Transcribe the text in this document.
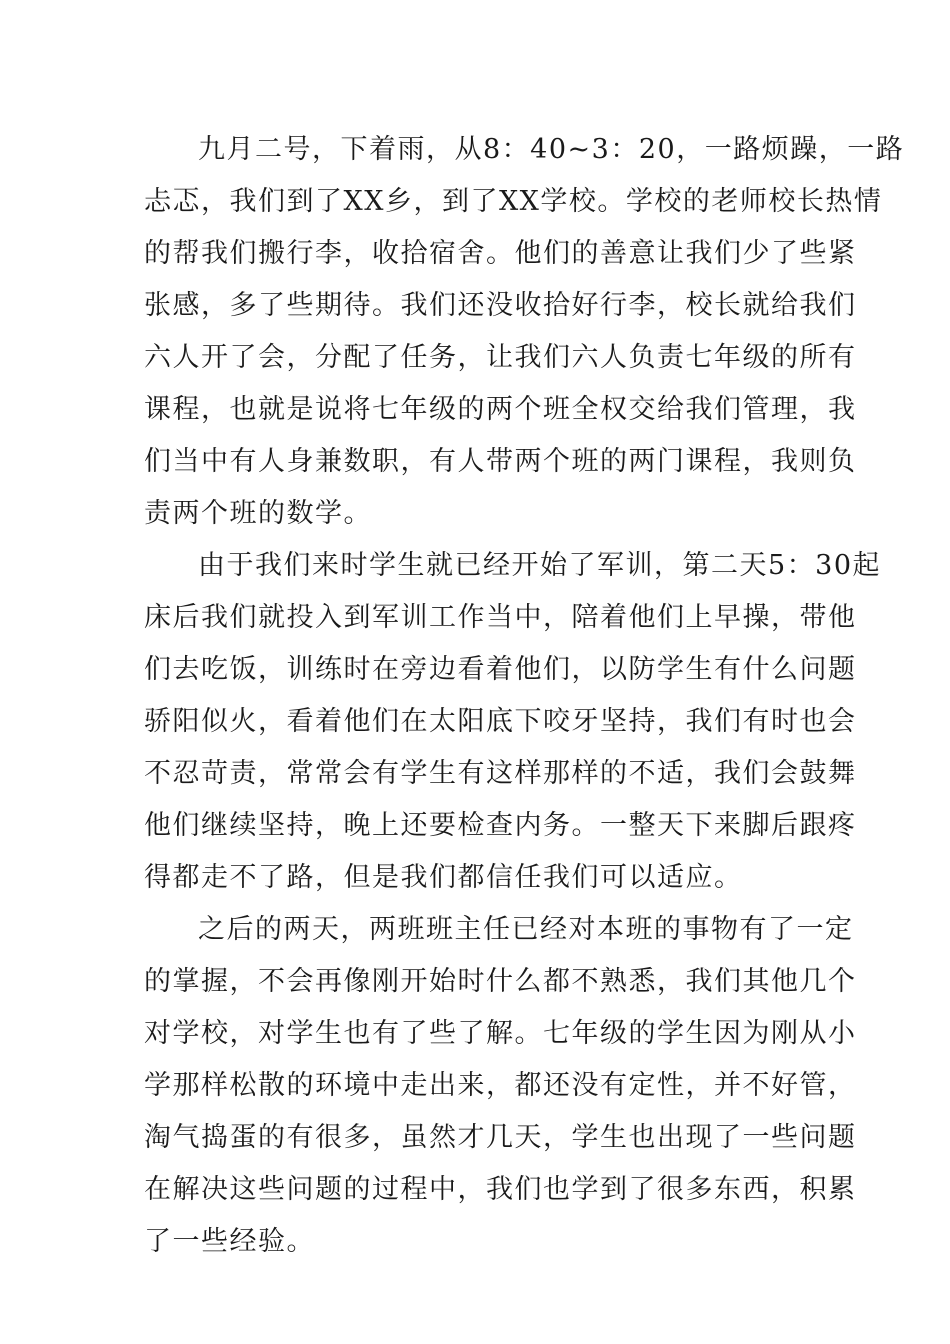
九月二号，下着雨，从8：40~3：20，一路烦躁，一路
忐忑，我们到了XX乡，到了XX学校。学校的老师校长热情
的帮我们搬行李，收拾宿舍。他们的善意让我们少了些紧
张感，多了些期待。我们还没收拾好行李，校长就给我们
六人开了会，分配了任务，让我们六人负责七年级的所有
课程，也就是说将七年级的两个班全权交给我们管理，我
们当中有人身兼数职，有人带两个班的两门课程，我则负
责两个班的数学。
由于我们来时学生就已经开始了军训，第二天5：30起
床后我们就投入到军训工作当中，陪着他们上早操，带他
们去吃饭，训练时在旁边看着他们，以防学生有什么问题
骄阳似火，看着他们在太阳底下咬牙坚持，我们有时也会
不忍苛责，常常会有学生有这样那样的不适，我们会鼓舞
他们继续坚持，晚上还要检查内务。一整天下来脚后跟疼
得都走不了路，但是我们都信任我们可以适应。
之后的两天，两班班主任已经对本班的事物有了一定
的掌握，不会再像刚开始时什么都不熟悉，我们其他几个
对学校，对学生也有了些了解。七年级的学生因为刚从小
学那样松散的环境中走出来，都还没有定性，并不好管，
淘气捣蛋的有很多，虽然才几天，学生也出现了一些问题
在解决这些问题的过程中，我们也学到了很多东西，积累
了一些经验。
